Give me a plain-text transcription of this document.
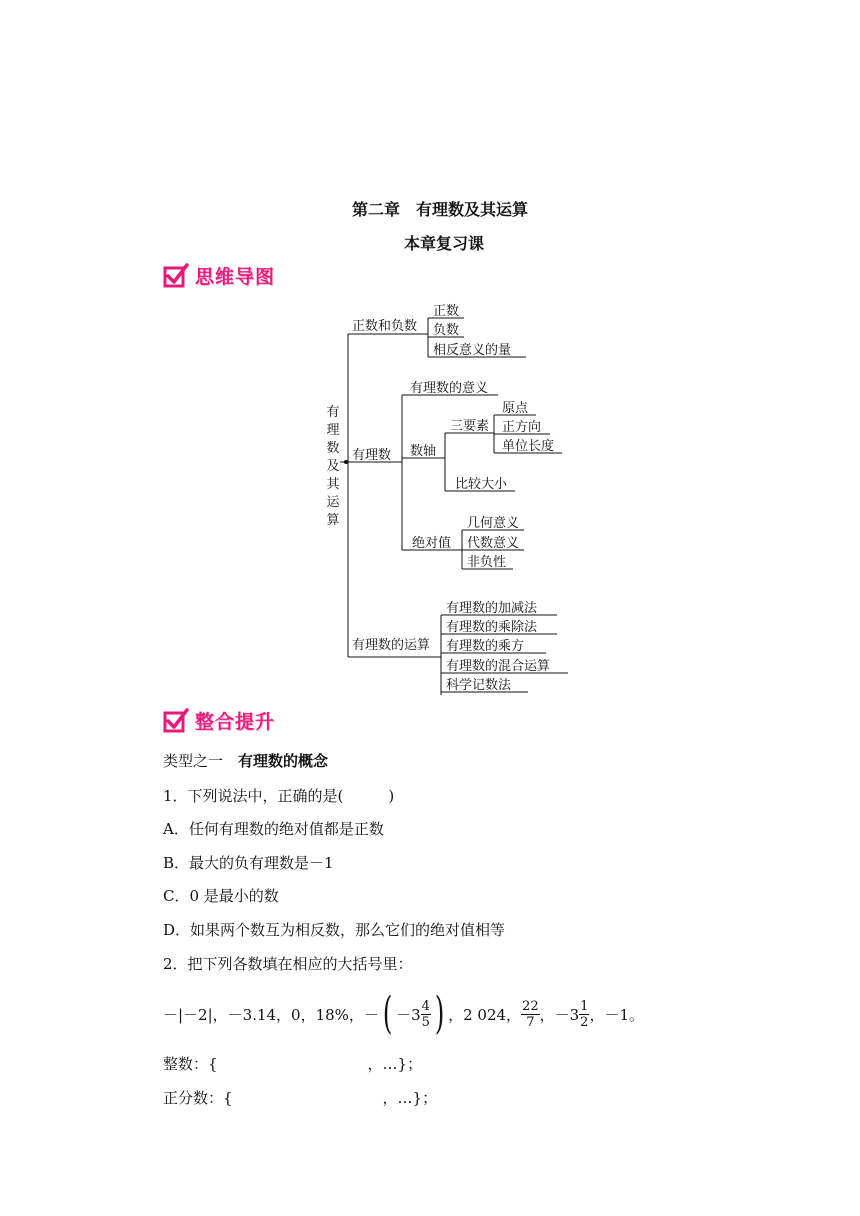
第二章　有理数及其运算
本章复习课
思维导图
有
理
数
及
其
运
算
正数和负数
正数
负数
相反意义的量
有理数
有理数的意义
数轴
三要素
原点
正方向
单位长度
比较大小
绝对值
几何意义
代数意义
非负性
有理数的运算
有理数的加减法
有理数的乘除法
有理数的乘方
有理数的混合运算
科学记数法
整合提升
类型之一　有理数的概念
1．下列说法中，正确的是(　　　)
A．任何有理数的绝对值都是正数
B．最大的负有理数是－1
C．0 是最小的数
D．如果两个数互为相反数，那么它们的绝对值相等
2．把下列各数填在相应的大括号里：
－|－2|，－3.14，0，18%，－ ( $-3 \frac{4}{5}$ ) ，2 024， $\frac{22}{7}$ ，$-3 \frac{1}{2}$ ，－1。
整数：{　　　　　　　　　　，…}；
正分数：{　　　　　　　　　　，…}；
